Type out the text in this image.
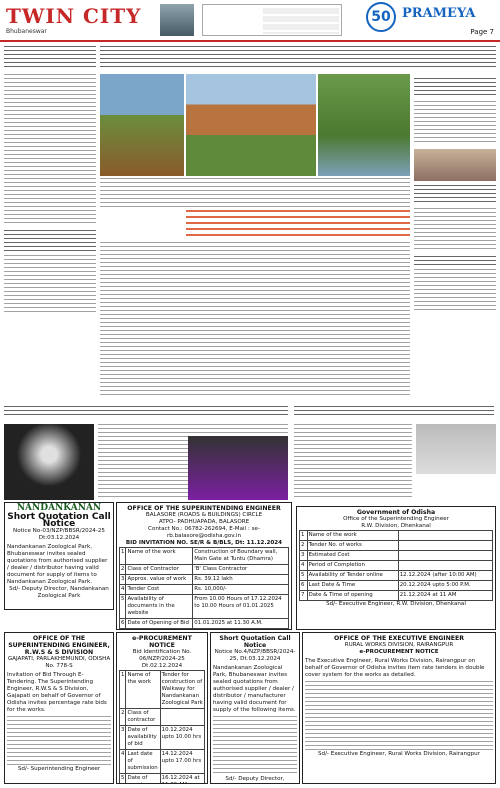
TWIN CITY
Bhubaneswar
50 PRAMEYA
Page 7
NANDANKANAN
Short Quotation Call Notice
Notice No-03/NZP/BBSR/2024-25 Dt:03.12.2024
Nandankanan Zoological Park, Bhubaneswar invites sealed quotations from authorised supplier / dealer / distributor having valid document for supply of items to Nandankanan Zoological Park.
Sd/- Deputy Director, Nandankanan Zoological Park
OFFICE OF THE SUPERINTENDING ENGINEER
BALASORE (ROADS & BUILDINGS) CIRCLE
ATPO- PADHUAPADA, BALASORE
Contact No.: 06782-262694, E-Mail : se-rb.balasore@odisha.gov.in
BID INVITATION NO. SE/R & B/BLS, Dt: 11.12.2024
1	Name of the work	Construction of Boundary wall, Main Gate at Tuntu (Dhamra)
2	Class of Contractor	'B' Class Contractor
3	Approx. value of work	Rs. 39.12 lakh
4	Tender Cost	Rs. 10,000/-
5	Availability of documents in the website	From 10.00 Hours of 17.12.2024 to 10.00 Hours of 01.01.2025
6	Date of Opening of Bid	01.01.2025 at 11.30 A.M.
Government of Odisha
Office of the Superintending Engineer
R.W. Division, Dhenkanal
1	Name of the work	
2	Tender No. of works	
3	Estimated Cost	
4	Period of Completion	
5	Availability of Tender online	12.12.2024 (after 10:00 AM)
6	Last Date & Time	20.12.2024 upto 5:00 P.M.
7	Date & Time of opening	21.12.2024 at 11 AM
Sd/- Executive Engineer, R.W. Division, Dhenkanal
OFFICE OF THE SUPERINTENDING ENGINEER, R.W.S & S DIVISION
GAJAPATI, PARLAKHEMUNDI, ODISHA
No. 778-S
Invitation of Bid Through E-Tendering. The Superintending Engineer, R.W.S & S Division, Gajapati on behalf of Governor of Odisha invites percentage rate bids for the works.
Sd/- Superintending Engineer
e-PROCUREMENT NOTICE
Bid Identification No.
06/NZP/2024-25 Dt.02.12.2024
1	Name of the work	Tender for construction of Walkway for Nandankanan Zoological Park
2	Class of contractor	
3	Date of availability of bid	10.12.2024 upto 10.00 hrs
4	Last date of submission	14.12.2024 upto 17.00 hrs
5	Date of	16.12.2024 at
Short Quotation Call Notice
Notice No.4/NZP/BBSR/2024-25, Dt.03.12.2024
Nandankanan Zoological Park, Bhubaneswar invites sealed quotations from authorised supplier / dealer / distributor / manufacturer having valid document for supply of the following items.
Sd/- Deputy Director,
OFFICE OF THE EXECUTIVE ENGINEER
RURAL WORKS DIVISION, RAIRANGPUR
e-PROCUREMENT NOTICE
The Executive Engineer, Rural Works Division, Rairangpur on behalf of Governor of Odisha invites item rate tenders in double cover system for the works as detailed.
Sd/- Executive Engineer, Rural Works Division, Rairangpur
